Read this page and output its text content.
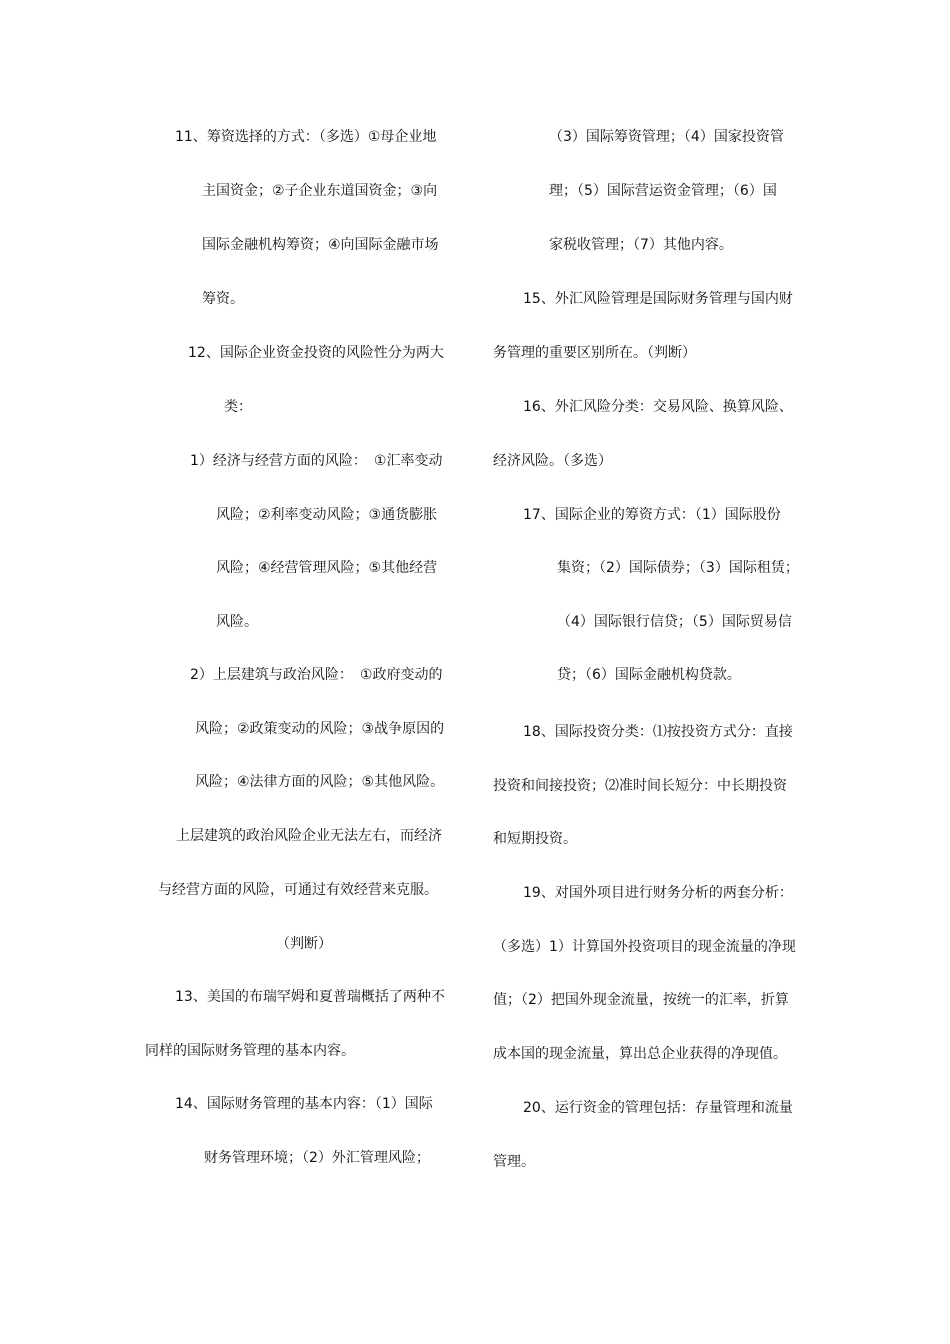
11、筹资选择的方式：（多选）①母企业地
主国资金；②子企业东道国资金；③向
国际金融机构筹资；④向国际金融市场
筹资。
12、国际企业资金投资的风险性分为两大
类：
1）经济与经营方面的风险：　①汇率变动
风险；②利率变动风险；③通货膨胀
风险；④经营管理风险；⑤其他经营
风险。
2）上层建筑与政治风险：　①政府变动的
风险；②政策变动的风险；③战争原因的
风险；④法律方面的风险；⑤其他风险。
上层建筑的政治风险企业无法左右，而经济
与经营方面的风险，可通过有效经营来克服。
（判断）
13、美国的布瑞罕姆和夏普瑞概括了两种不
同样的国际财务管理的基本内容。
14、国际财务管理的基本内容：（1）国际
财务管理环境；（2）外汇管理风险；
（3）国际筹资管理；（4）国家投资管
理；（5）国际营运资金管理；（6）国
家税收管理；（7）其他内容。
15、外汇风险管理是国际财务管理与国内财
务管理的重要区别所在。（判断）
16、外汇风险分类：交易风险、换算风险、
经济风险。（多选）
17、国际企业的筹资方式：（1）国际股份
集资；（2）国际债券；（3）国际租赁；
（4）国际银行信贷；（5）国际贸易信
贷；（6）国际金融机构贷款。
18、国际投资分类：⑴按投资方式分：直接
投资和间接投资；⑵准时间长短分：中长期投资
和短期投资。
19、对国外项目进行财务分析的两套分析：
（多选）1）计算国外投资项目的现金流量的净现
值；（2）把国外现金流量，按统一的汇率，折算
成本国的现金流量，算出总企业获得的净现值。
20、运行资金的管理包括：存量管理和流量
管理。
